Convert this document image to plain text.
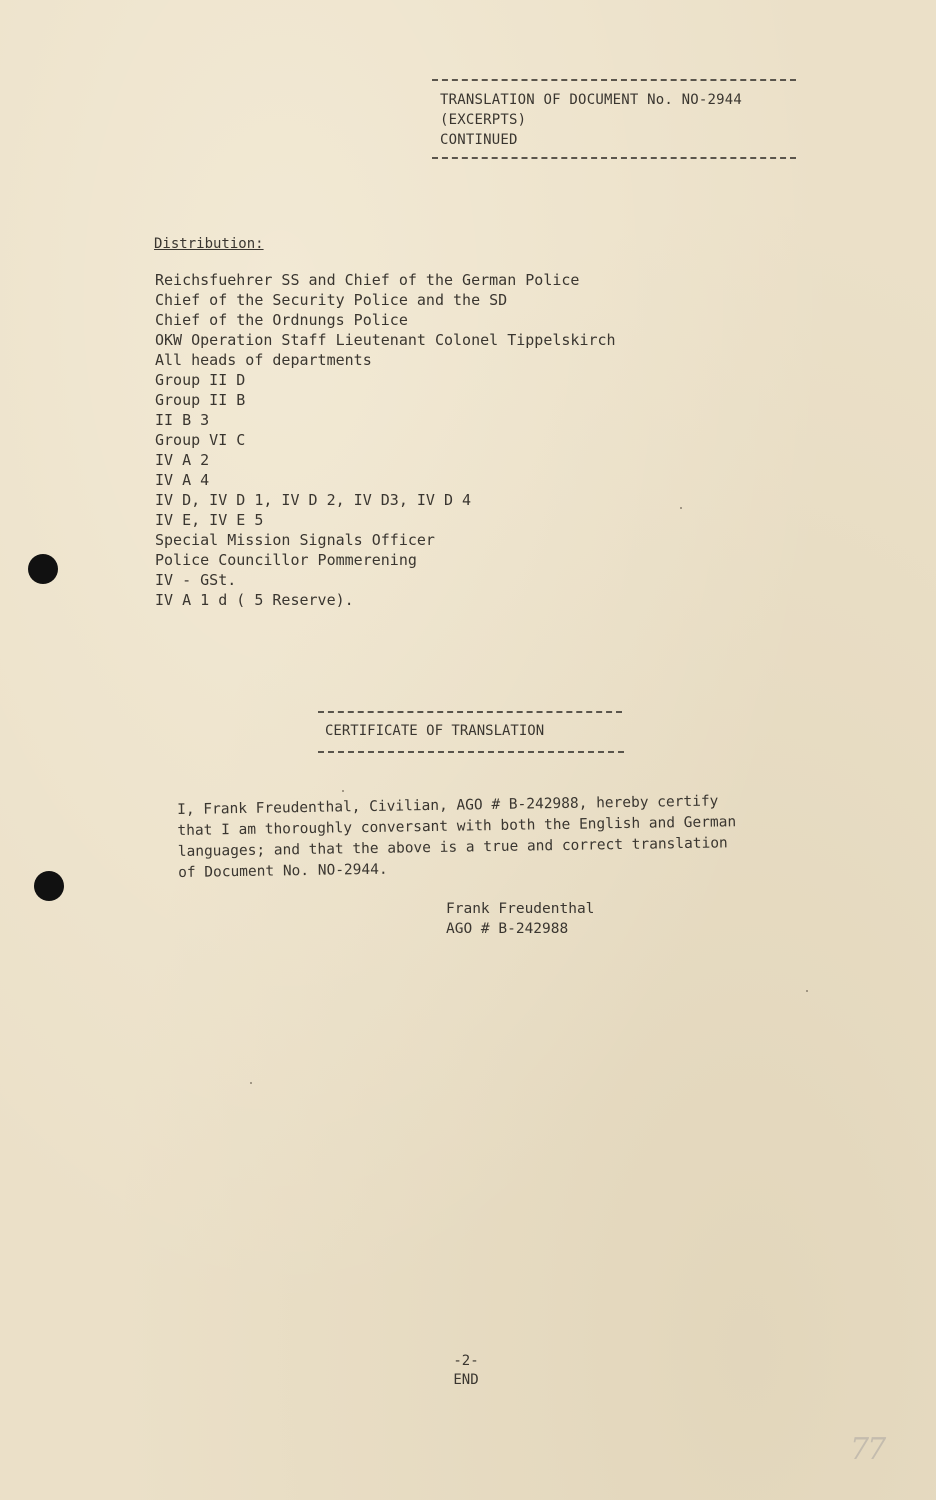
TRANSLATION OF DOCUMENT No. NO-2944
(EXCERPTS)
CONTINUED
Distribution:
Reichsfuehrer SS and Chief of the German Police
Chief of the Security Police and the SD
Chief of the Ordnungs Police
OKW Operation Staff Lieutenant Colonel Tippelskirch
All heads of departments
Group II D
Group II B
II B 3
Group VI C
IV A 2
IV A 4
IV D, IV D 1, IV D 2, IV D3, IV D 4
IV E, IV E 5
Special Mission Signals Officer
Police Councillor Pommerening
IV - GSt.
IV A 1 d ( 5 Reserve).
CERTIFICATE OF TRANSLATION
I, Frank Freudenthal, Civilian, AGO # B-242988, hereby certify
that I am thoroughly conversant with both the English and German
languages; and that the above is a true and correct translation
of Document No. NO-2944.
Frank Freudenthal
AGO # B-242988
-2-
END
77
